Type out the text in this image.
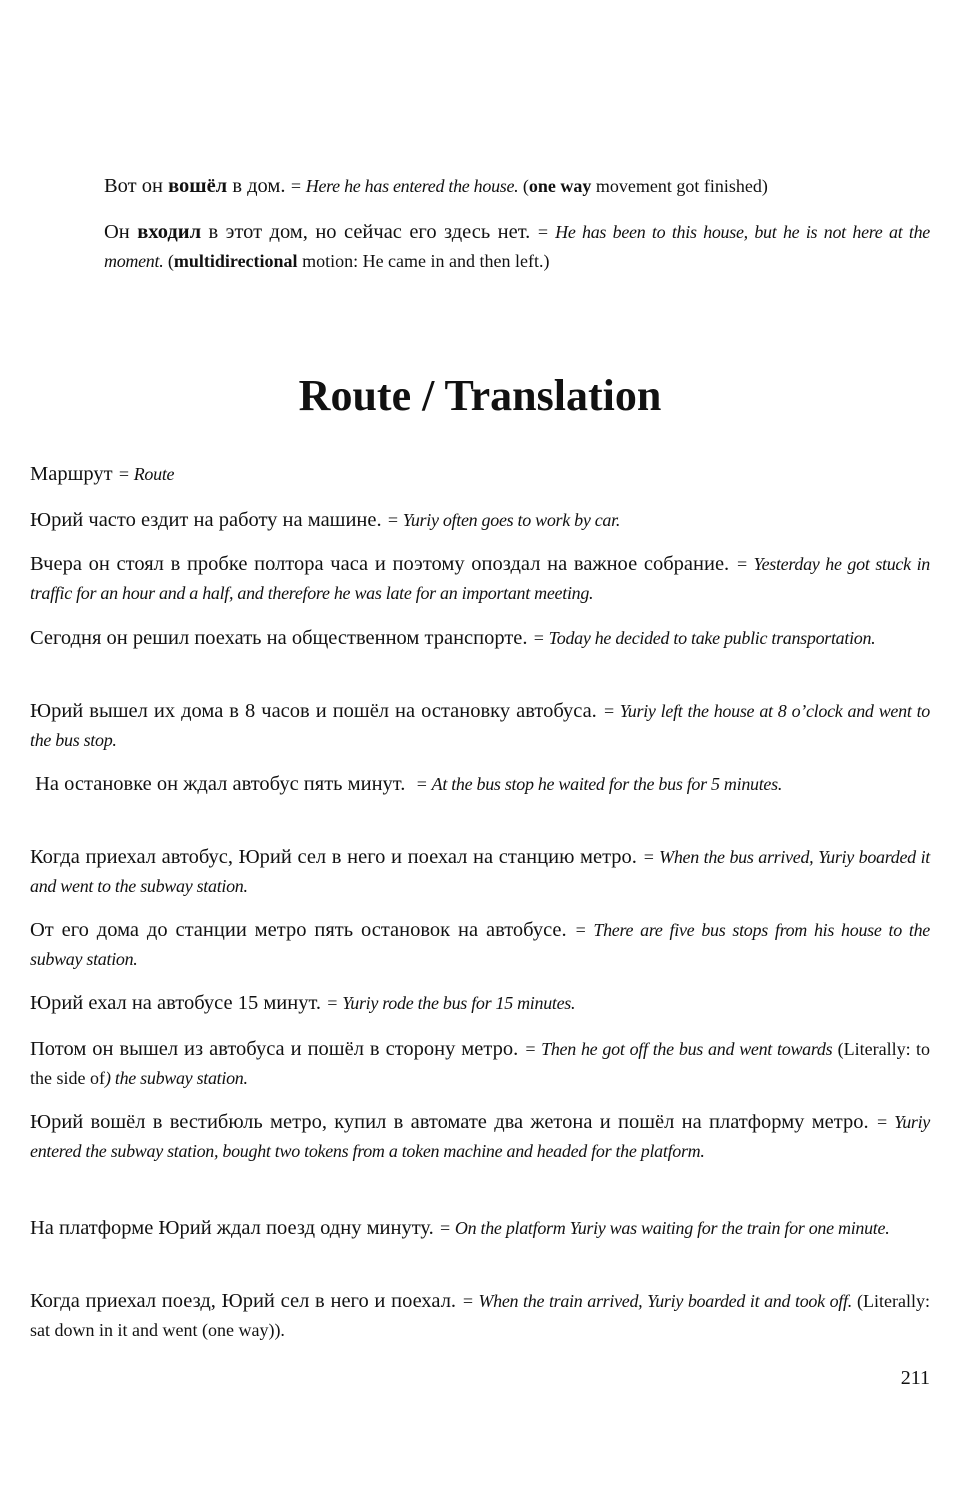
Вот он вошёл в дом. = Here he has entered the house. (one way movement got finished)

Он входил в этот дом, но сейчас его здесь нет. = He has been to this house, but he is not here at the moment. (multidirectional motion: He came in and then left.)

Route / Translation

Маршрут = Route

Юрий часто ездит на работу на машине. = Yuriy often goes to work by car.

Вчера он стоял в пробке полтора часа и поэтому опоздал на важное собрание. = Yesterday he got stuck in traffic for an hour and a half, and therefore he was late for an important meeting.

Сегодня он решил поехать на общественном транспорте. = Today he decided to take public transportation.

Юрий вышел их дома в 8 часов и пошёл на остановку автобуса. = Yuriy left the house at 8 o’clock and went to the bus stop.

На остановке он ждал автобус пять минут.  = At the bus stop he waited for the bus for 5 minutes.

Когда приехал автобус, Юрий сел в него и поехал на станцию метро. = When the bus arrived, Yuriy boarded it and went to the subway station.

От его дома до станции метро пять остановок на автобусе. = There are five bus stops from his house to the subway station.

Юрий ехал на автобусе 15 минут. = Yuriy rode the bus for 15 minutes.

Потом он вышел из автобуса и пошёл в сторону метро. = Then he got off the bus and went towards (Literally: to the side of) the subway station.

Юрий вошёл в вестибюль метро, купил в автомате два жетона и пошёл на платформу метро. = Yuriy entered the subway station, bought two tokens from a token machine and headed for the platform.

На платформе Юрий ждал поезд одну минуту. = On the platform Yuriy was waiting for the train for one minute.

Когда приехал поезд, Юрий сел в него и поехал. = When the train arrived, Yuriy boarded it and took off. (Literally: sat down in it and went (one way)).

211
